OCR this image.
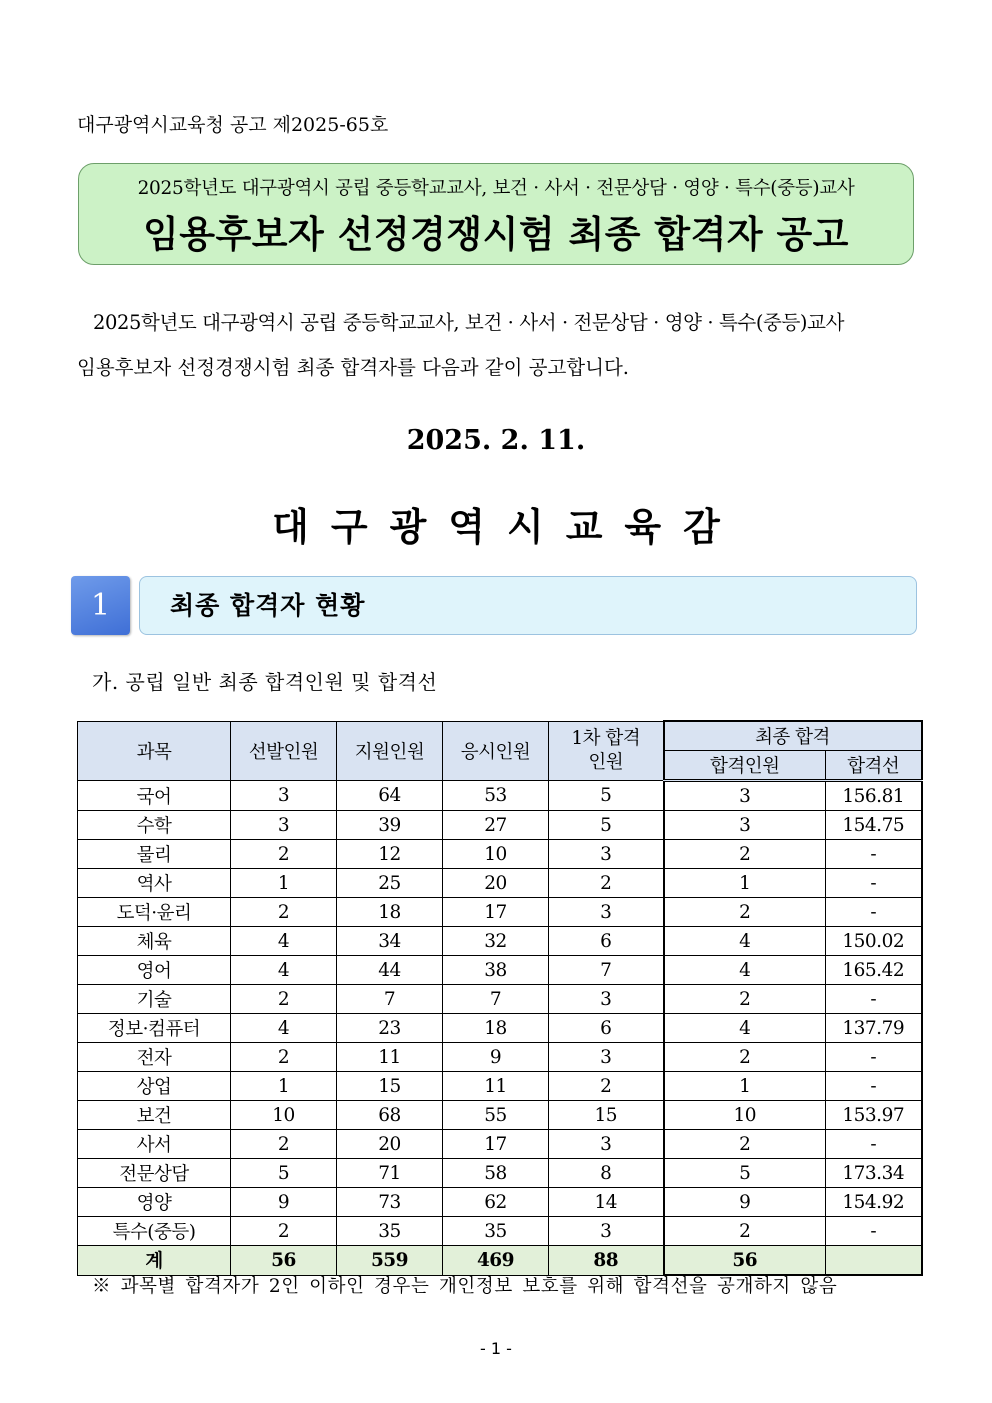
대구광역시교육청 공고 제2025-65호
2025학년도 대구광역시 공립 중등학교교사, 보건 · 사서 · 전문상담 · 영양 · 특수(중등)교사
임용후보자 선정경쟁시험 최종 합격자 공고
2025학년도 대구광역시 공립 중등학교교사, 보건 · 사서 · 전문상담 · 영양 · 특수(중등)교사
임용후보자 선정경쟁시험 최종 합격자를 다음과 같이 공고합니다.
2025. 2. 11.
대구광역시교육감
1	최종 합격자 현황
가. 공립 일반 최종 합격인원 및 합격선
과목	선발인원	지원인원	응시인원	1차 합격 인원	최종 합격	
					합격인원	합격선
국어	3	64	53	5	3	156.81
수학	3	39	27	5	3	154.75
물리	2	12	10	3	2	-
역사	1	25	20	2	1	-
도덕·윤리	2	18	17	3	2	-
체육	4	34	32	6	4	150.02
영어	4	44	38	7	4	165.42
기술	2	7	7	3	2	-
정보·컴퓨터	4	23	18	6	4	137.79
전자	2	11	9	3	2	-
상업	1	15	11	2	1	-
보건	10	68	55	15	10	153.97
사서	2	20	17	3	2	-
전문상담	5	71	58	8	5	173.34
영양	9	73	62	14	9	154.92
특수(중등)	2	35	35	3	2	-
계	56	559	469	88	56	
※ 과목별 합격자가 2인 이하인 경우는 개인정보 보호를 위해 합격선을 공개하지 않음
- 1 -
